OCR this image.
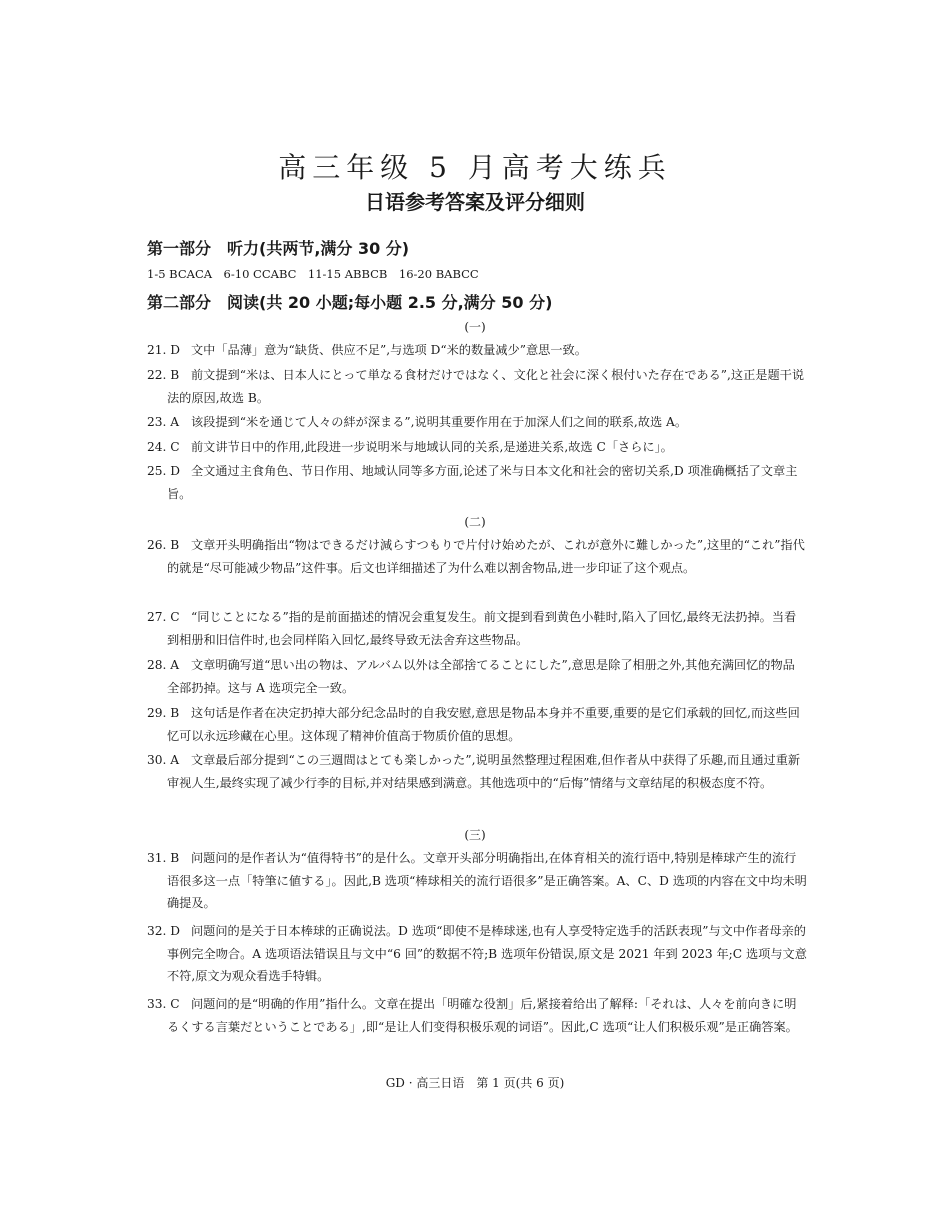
高三年级 5 月高考大练兵
日语参考答案及评分细则
第一部分　听力(共两节,满分 30 分)
1-5 BCACA　6-10 CCABC　11-15 ABBCB　16-20 BABCC
第二部分　阅读(共 20 小题;每小题 2.5 分,满分 50 分)
(一)
21. D 文中「品薄」意为“缺货、供应不足”,与选项 D“米的数量减少”意思一致。
22. B 前文提到“米は、日本人にとって単なる食材だけではなく、文化と社会に深く根付いた存在である”,这正是题干说法的原因,故选 B。
23. A 该段提到“米を通じて人々の絆が深まる”,说明其重要作用在于加深人们之间的联系,故选 A。
24. C 前文讲节日中的作用,此段进一步说明米与地域认同的关系,是递进关系,故选 C「さらに」。
25. D 全文通过主食角色、节日作用、地域认同等多方面,论述了米与日本文化和社会的密切关系,D 项准确概括了文章主旨。
(二)
26. B 文章开头明确指出“物はできるだけ減らすつもりで片付け始めたが、これが意外に難しかった”,这里的“これ”指代的就是“尽可能减少物品”这件事。后文也详细描述了为什么难以割舍物品,进一步印证了这个观点。
27. C “同じことになる”指的是前面描述的情况会重复发生。前文提到看到黄色小鞋时,陷入了回忆,最终无法扔掉。当看到相册和旧信件时,也会同样陷入回忆,最终导致无法舍弃这些物品。
28. A 文章明确写道“思い出の物は、アルバム以外は全部捨てることにした”,意思是除了相册之外,其他充满回忆的物品全部扔掉。这与 A 选项完全一致。
29. B 这句话是作者在决定扔掉大部分纪念品时的自我安慰,意思是物品本身并不重要,重要的是它们承载的回忆,而这些回忆可以永远珍藏在心里。这体现了精神价值高于物质价值的思想。
30. A 文章最后部分提到“この三週間はとても楽しかった”,说明虽然整理过程困难,但作者从中获得了乐趣,而且通过重新审视人生,最终实现了减少行李的目标,并对结果感到满意。其他选项中的“后悔”情绪与文章结尾的积极态度不符。
(三)
31. B 问题问的是作者认为“值得特书”的是什么。文章开头部分明确指出,在体育相关的流行语中,特别是棒球产生的流行语很多这一点「特筆に値する」。因此,B 选项“棒球相关的流行语很多”是正确答案。A、C、D 选项的内容在文中均未明确提及。
32. D 问题问的是关于日本棒球的正确说法。D 选项“即使不是棒球迷,也有人享受特定选手的活跃表现”与文中作者母亲的事例完全吻合。A 选项语法错误且与文中“6 回”的数据不符;B 选项年份错误,原文是 2021 年到 2023 年;C 选项与文意不符,原文为观众看选手特辑。
33. C 问题问的是“明确的作用”指什么。文章在提出「明確な役割」后,紧接着给出了解释:「それは、人々を前向きに明るくする言葉だということである」,即“是让人们变得积极乐观的词语”。因此,C 选项“让人们积极乐观”是正确答案。
GD · 高三日语　第 1 页(共 6 页)
